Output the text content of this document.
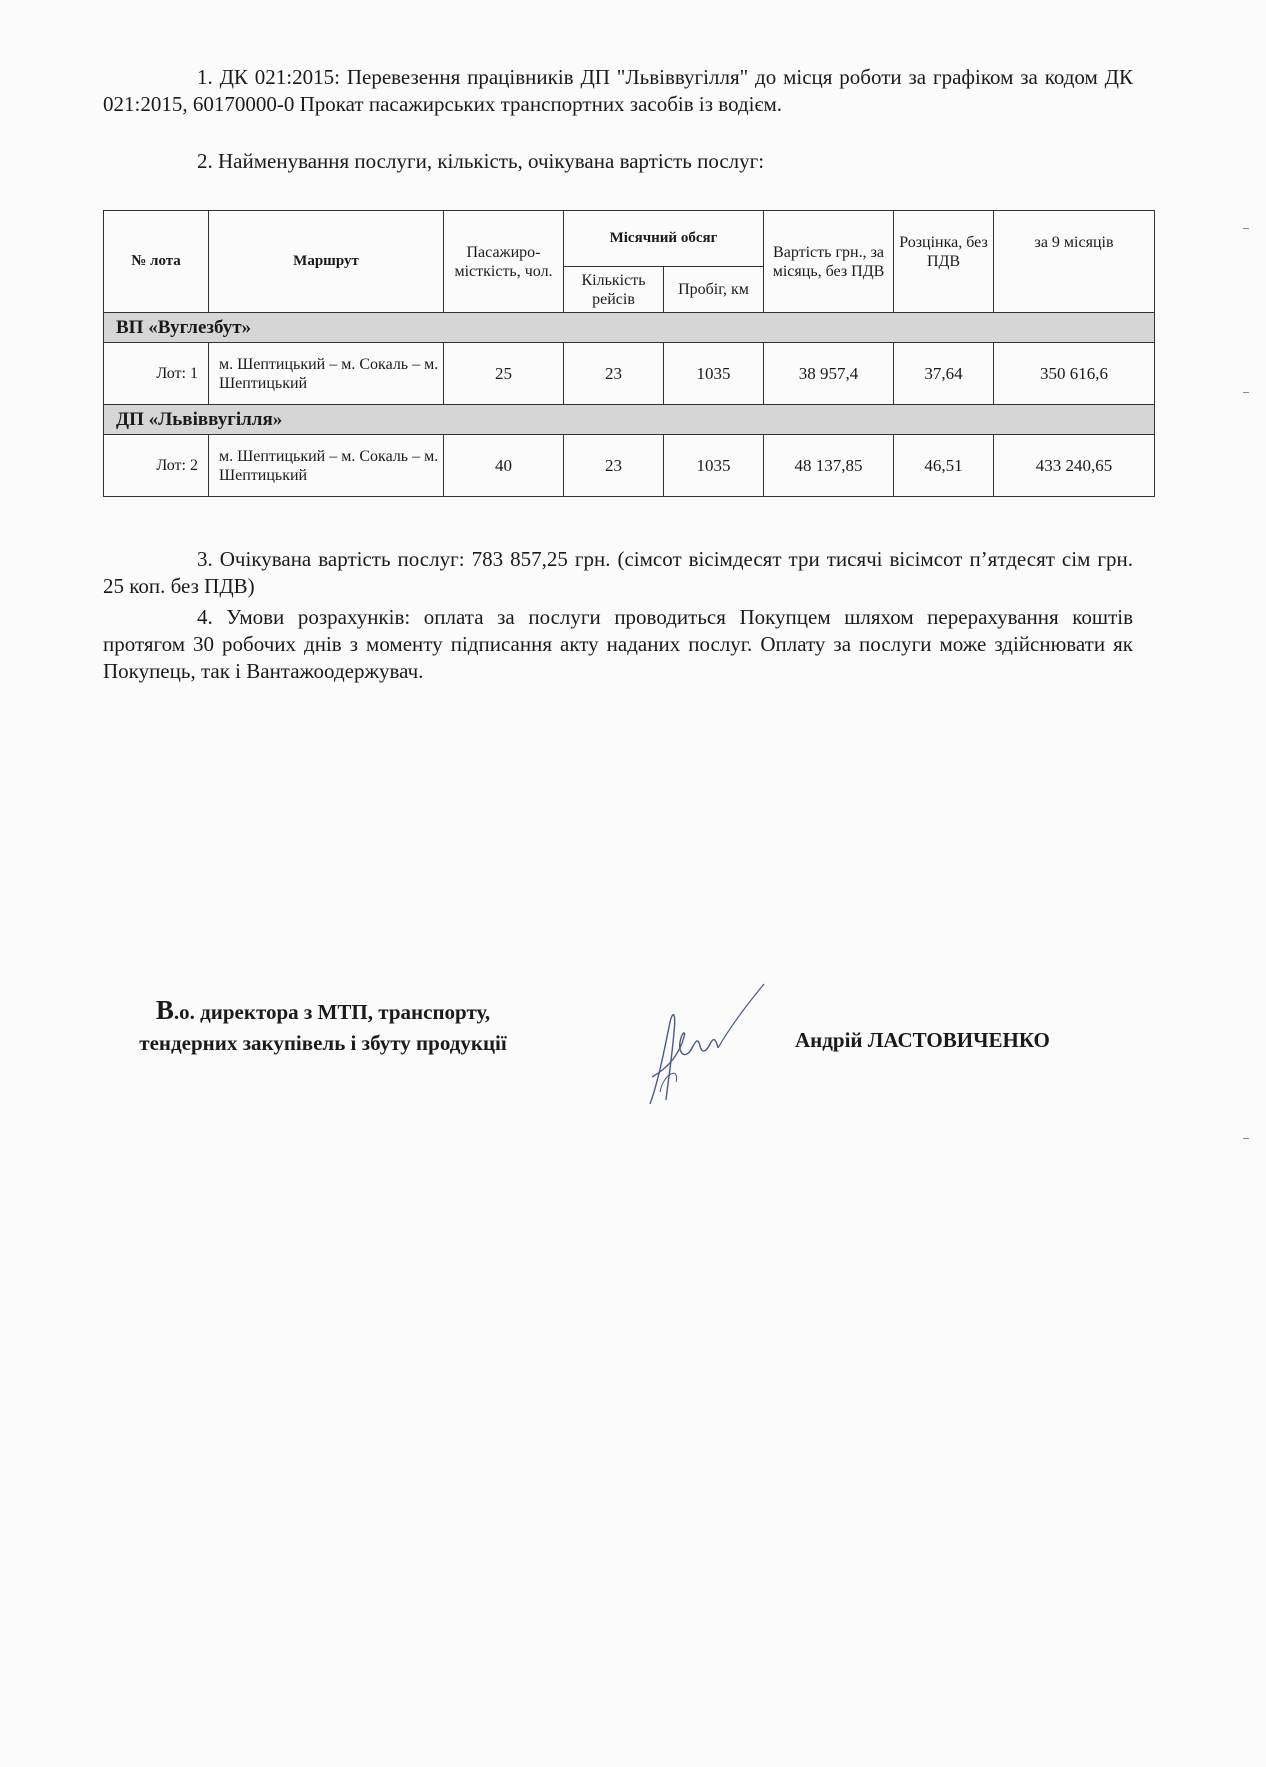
1. ДК 021:2015: Перевезення працівників ДП "Львіввугілля" до місця роботи за графіком за кодом ДК 021:2015, 60170000-0 Прокат пасажирських транспортних засобів із водієм.
2. Найменування послуги, кількість, очікувана вартість послуг:
№ лота	Маршрут	Пасажиро-місткість, чол.	Місячний обсяг		Вартість грн., за місяць, без ПДВ	Розцінка, без ПДВ	за 9 місяців
			Кількість рейсів	Пробіг, км			
ВП «Вуглезбут»							
Лот: 1	м. Шептицький – м. Сокаль – м. Шептицький	25	23	1035	38 957,4	37,64	350 616,6
ДП «Львіввугілля»							
Лот: 2	м. Шептицький – м. Сокаль – м. Шептицький	40	23	1035	48 137,85	46,51	433 240,65
3. Очікувана вартість послуг: 783 857,25 грн. (сімсот вісімдесят три тисячі вісімсот п’ятдесят сім грн. 25 коп. без ПДВ)
4. Умови розрахунків: оплата за послуги проводиться Покупцем шляхом перерахування коштів протягом 30 робочих днів з моменту підписання акту наданих послуг. Оплату за послуги може здійснювати як Покупець, так і Вантажоодержувач.
В.о. директора з МТП, транспорту,
тендерних закупівель і збуту продукції	Андрій ЛАСТОВИЧЕНКО
